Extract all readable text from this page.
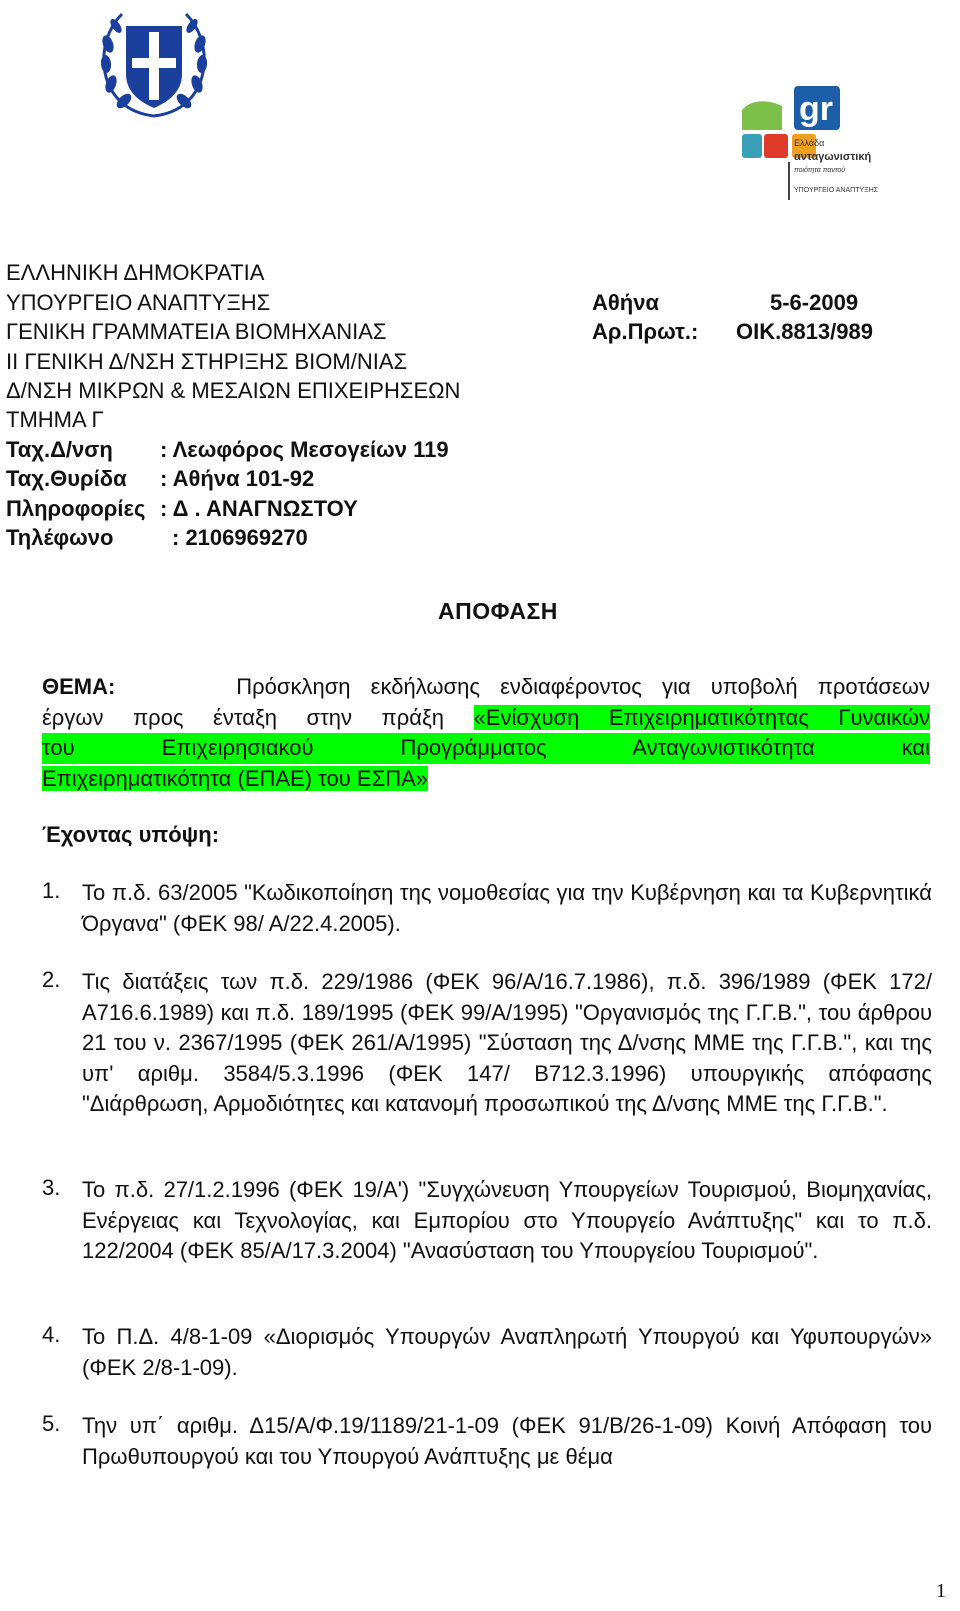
gr
Ελλάδα
ανταγωνιστική
ποιότητα παντού
ΥΠΟΥΡΓΕΙΟ ΑΝΑΠΤΥΞΗΣ
ΕΛΛΗΝΙΚΗ ΔΗΜΟΚΡΑΤΙΑ
ΥΠΟΥΡΓΕΙΟ ΑΝΑΠΤΥΞΗΣ
ΓΕΝΙΚΗ ΓΡΑΜΜΑΤΕΙΑ ΒΙΟΜΗΧΑΝΙΑΣ
ΙΙ ΓΕΝΙΚΗ Δ/ΝΣΗ ΣΤΗΡΙΞΗΣ ΒΙΟΜ/ΝΙΑΣ
Δ/ΝΣΗ ΜΙΚΡΩΝ & ΜΕΣΑΙΩΝ ΕΠΙΧΕΙΡΗΣΕΩΝ
ΤΜΗΜΑ Γ
Ταχ.Δ/νση : Λεωφόρος Μεσογείων 119
Ταχ.Θυρίδα : Αθήνα 101-92
Πληροφορίες : Δ . ΑΝΑΓΝΩΣΤΟΥ
Τηλέφωνο	: 2106969270
Αθήνα	5-6-2009
Αρ.Πρωτ.: ΟΙΚ.8813/989
ΑΠΟΦΑΣΗ
ΘΕΜΑ:	Πρόσκληση εκδήλωσης ενδιαφέροντος για υποβολή προτάσεων
έργων προς ένταξη στην πράξη «Ενίσχυση Επιχειρηματικότητας Γυναικών
του Επιχειρησιακού Προγράμματος Ανταγωνιστικότητα και
Επιχειρηματικότητα (ΕΠΑΕ) του ΕΣΠΑ»
Έχοντας υπόψη:
1. Το π.δ. 63/2005 "Κωδικοποίηση της νομοθεσίας για την Κυβέρνηση και τα Κυβερνητικά Όργανα" (ΦΕΚ 98/ Α/22.4.2005).
2. Τις διατάξεις των π.δ. 229/1986 (ΦΕΚ 96/Α/16.7.1986), π.δ. 396/1989 (ΦΕΚ 172/Α716.6.1989) και π.δ. 189/1995 (ΦΕΚ 99/Α/1995) "Οργανισμός της Γ.Γ.Β.", του άρθρου 21 του ν. 2367/1995 (ΦΕΚ 261/Α/1995) "Σύσταση της Δ/νσης ΜΜΕ της Γ.Γ.Β.", και της υπ' αριθμ. 3584/5.3.1996 (ΦΕΚ 147/ Β712.3.1996) υπουργικής απόφασης "Διάρθρωση, Αρμοδιότητες και κατανομή προσωπικού της Δ/νσης ΜΜΕ της Γ.Γ.Β.".
3. Το π.δ. 27/1.2.1996 (ΦΕΚ 19/Α') "Συγχώνευση Υπουργείων Τουρισμού, Βιομηχανίας, Ενέργειας και Τεχνολογίας, και Εμπορίου στο Υπουργείο Ανάπτυξης" και το π.δ. 122/2004 (ΦΕΚ 85/Α/17.3.2004) "Ανασύσταση του Υπουργείου Τουρισμού".
4. Το Π.Δ. 4/8-1-09 «Διορισμός Υπουργών Αναπληρωτή Υπουργού και Υφυπουργών» (ΦΕΚ 2/8-1-09).
5. Την υπ΄ αριθμ. Δ15/Α/Φ.19/1189/21-1-09 (ΦΕΚ 91/Β/26-1-09) Κοινή Απόφαση του Πρωθυπουργού και του Υπουργού Ανάπτυξης με θέμα
1
